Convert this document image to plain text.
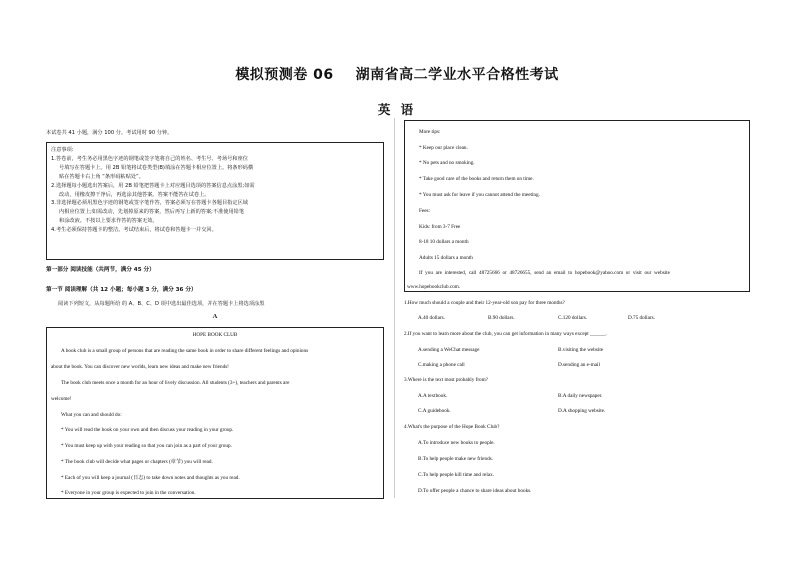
模拟预测卷 06 湖南省高二学业水平合格性考试
英 语
本试卷共 41 小题，满分 100 分。考试用时 90 分钟。

注意事项:

1.答卷前，考生务必用黑色字迹的钢笔或签字笔将自己的姓名、考生号、考场号和座位

号填写在答题卡上。用 2B 铅笔将试卷类型(B)填涂在答题卡相应位置上。将条形码横

贴在答题卡右上角 “条形码粘贴处”。

2.选择题每小题选出答案后，用 2B 铅笔把答题卡上对应题目选项的答案信息点涂黑;如需

改动，用橡皮擦干净后，再选涂其他答案。答案不能答在试卷上。

3.非选择题必须用黑色字迹的钢笔或签字笔作答，答案必须写在答题卡各题目指定区域

内相应位置上;如需改动，先划掉原来的答案，然后再写上新的答案;不准使用铅笔

和涂改液。不按以上要求作答的答案无效。

4.考生必须保持答题卡的整洁。考试结束后，将试卷和答题卡一并交回。

第一部分 阅读技能（共两节，满分 45 分）
第一节 阅读理解（共 12 小题；每小题 3 分，满分 36 分）
阅读下列短文，从每题所给 的 A、B、C、D 项中选出最佳选项，并在答题卡上将选项涂黑
A
HOPE BOOK CLUB
A book club is a small group of persons that are reading the same book in order to share different feelings and opinions
about the book. You can discover new worlds, learn new ideas and make new friends!
The book club meets once a month for an hour of lively discussion. All students (3+), teachers and parents are
welcome!
What you can and should do:
* You will read the book on your own and then discuss your reading in your group.
* You must keep up with your reading so that you can join as a part of your group.
* The book club will decide what pages or chapters (章节) you will read.
* Each of you will keep a journal (日志) to take down notes and thoughts as you read.
* Everyone in your group is expected to join in the conversation.
More tips:
* Keep our place clean.
* No pets and no smoking.
* Take good care of the books and return them on time.
* You must ask for leave if you cannot attend the meeting.
Fees:
Kids: from 3-7 Free
8-18 10 dollars a month
Adults 15 dollars a month
If you are interested, call 48725666 or 48726655, send an email to hopebook@yahoo.com or visit our website
www.hopebookclub.com.
1.How much should a couple and their 12-year-old son pay for three months?
A.40 dollars.	B.90 dollars.	C.120 dollars.	D.75 dollars.
2.If you want to learn more about the club, you can get information in many ways except ______.
A.sending a WeChat message	B.visiting the website
C.making a phone call	D.sending an e-mail
3.Where is the text most probably from?
A.A textbook.	B.A daily newspaper.
C.A guidebook.	D.A shopping website.
4.What's the purpose of the Hope Book Club?
A.To introduce new books to people.
B.To help people make new friends.
C.To help people kill time and relax.
D.To offer people a chance to share ideas about books.
